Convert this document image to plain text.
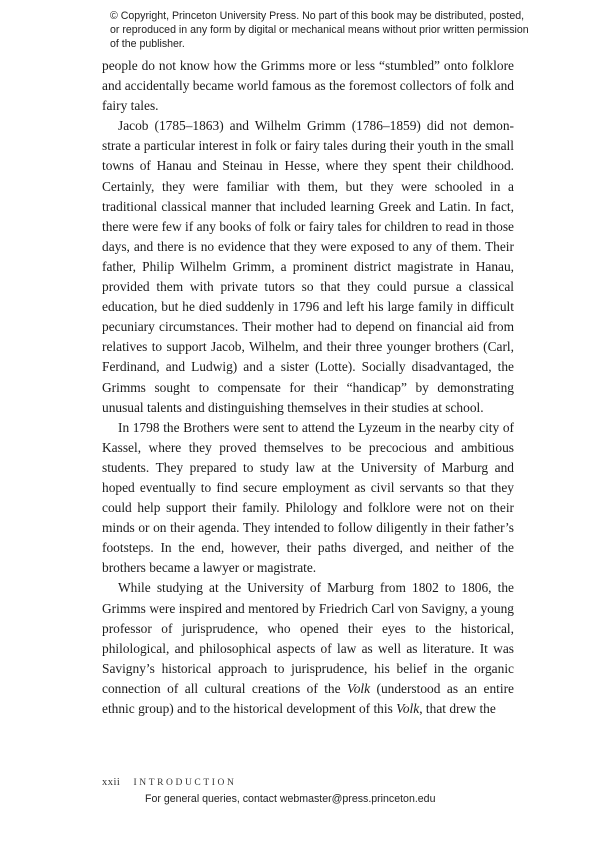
© Copyright, Princeton University Press. No part of this book may be distributed, posted, or reproduced in any form by digital or mechanical means without prior written permission of the publisher.

people do not know how the Grimms more or less “stumbled” onto folklore and accidentally became world famous as the foremost collectors of folk and fairy tales.

Jacob (1785–1863) and Wilhelm Grimm (1786–1859) did not demonstrate a particular interest in folk or fairy tales during their youth in the small towns of Hanau and Steinau in Hesse, where they spent their childhood. Certainly, they were familiar with them, but they were schooled in a traditional classical manner that included learning Greek and Latin. In fact, there were few if any books of folk or fairy tales for children to read in those days, and there is no evidence that they were exposed to any of them. Their father, Philip Wilhelm Grimm, a prominent district magistrate in Hanau, provided them with private tutors so that they could pursue a classical education, but he died suddenly in 1796 and left his large family in difficult pecuniary circumstances. Their mother had to depend on financial aid from relatives to support Jacob, Wilhelm, and their three younger brothers (Carl, Ferdinand, and Ludwig) and a sister (Lotte). Socially disadvantaged, the Grimms sought to compensate for their “handicap” by demonstrating unusual talents and distinguishing themselves in their studies at school.

In 1798 the Brothers were sent to attend the Lyzeum in the nearby city of Kassel, where they proved themselves to be precocious and ambitious students. They prepared to study law at the University of Marburg and hoped eventually to find secure employment as civil servants so that they could help support their family. Philology and folklore were not on their minds or on their agenda. They intended to follow diligently in their father’s footsteps. In the end, however, their paths diverged, and neither of the brothers became a lawyer or magistrate.

While studying at the University of Marburg from 1802 to 1806, the Grimms were inspired and mentored by Friedrich Carl von Savigny, a young professor of jurisprudence, who opened their eyes to the historical, philological, and philosophical aspects of law as well as literature. It was Savigny’s historical approach to jurisprudence, his belief in the organic connection of all cultural creations of the Volk (understood as an entire ethnic group) and to the historical development of this Volk, that drew the

xxii INTRODUCTION
For general queries, contact webmaster@press.princeton.edu
